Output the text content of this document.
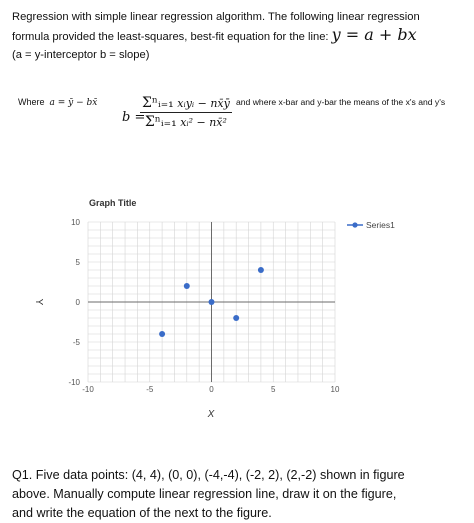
Regression with simple linear regression algorithm. The following linear regression

formula provided the least-squares, best-fit equation for the line: y = a + bx

(a = y-interceptor b = slope)

Where a = ȳ − bx̄
b =
Σⁿᵢ₌₁ xᵢyᵢ − nx̄ȳ
Σⁿᵢ₌₁ xᵢ² − nx̄²
and where x-bar and y-bar the means of the x's and y's
Graph Title
-10	-5	0	5	10
10
5
0
-5
-10
X
Y
Series1

Q1. Five data points: (4, 4), (0, 0), (-4,-4), (-2, 2), (2,-2) shown in figure

above. Manually compute linear regression line, draw it on the figure,

and write the equation of the next to the figure.
